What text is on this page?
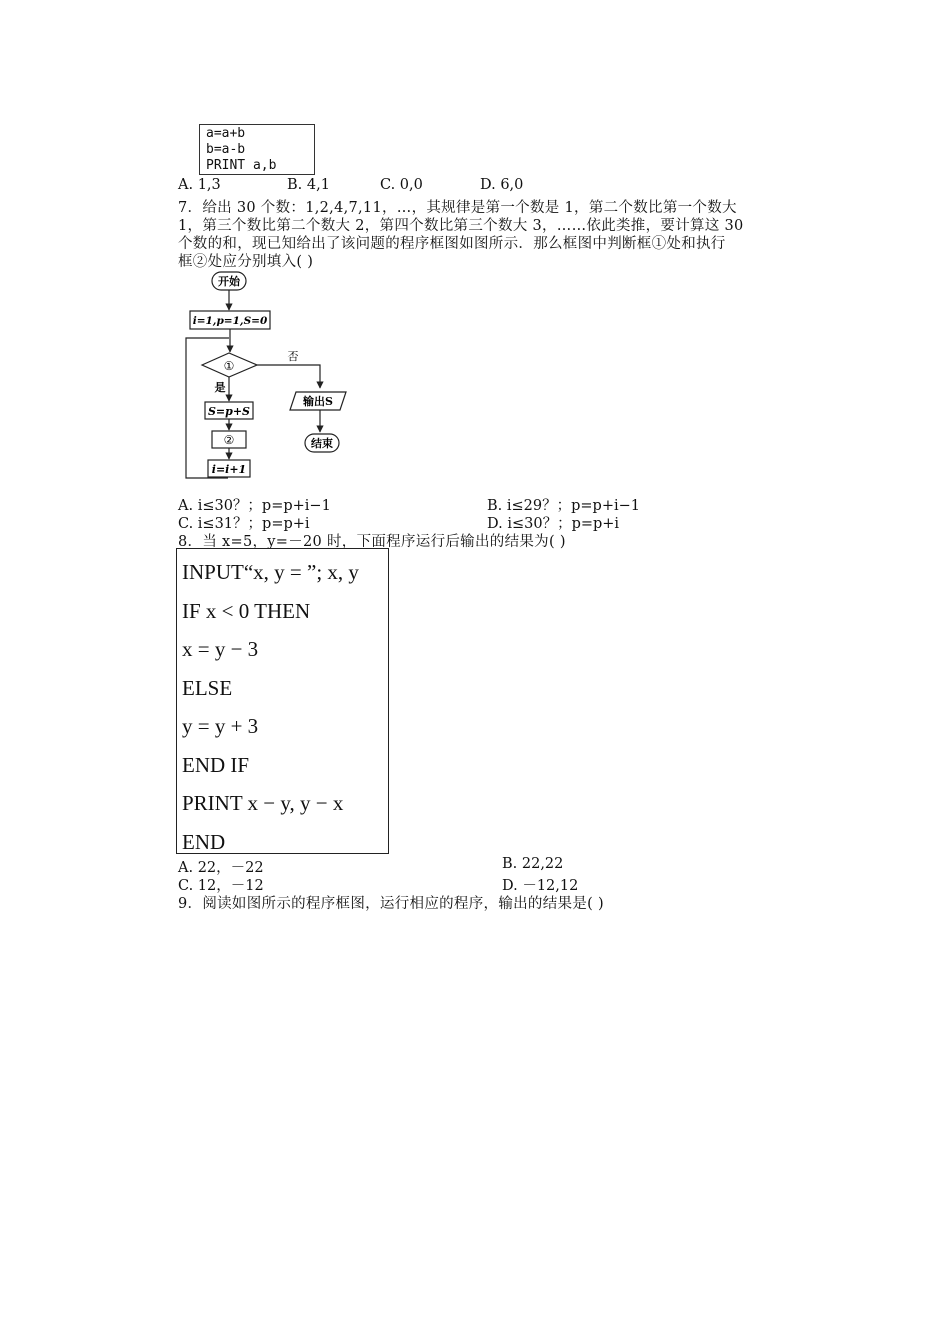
a=a+b
b=a-b
PRINT a,b
A. 1,3	B. 4,1	C. 0,0	D. 6,0
7．给出 30 个数：1,2,4,7,11，…，其规律是第一个数是 1，第二个数比第一个数大
1，第三个数比第二个数大 2，第四个数比第三个数大 3，……依此类推，要计算这 30
个数的和，现已知给出了该问题的程序框图如图所示．那么框图中判断框①处和执行
框②处应分别填入( )
开始
i=1,p=1,S=0
①
否
输出S
结束
是
S=p+S
②
i=i+1
A. i≤30？；p=p+i−1	B. i≤29？；p=p+i−1
C. i≤31？；p=p+i	D. i≤30？；p=p+i
8．当 x=5，y=－20 时，下面程序运行后输出的结果为( )
INPUT“x, y = ”; x, y
IF x < 0 THEN
x = y − 3
ELSE
y = y + 3
END IF
PRINT x − y, y − x
END
A. 22，－22	B. 22,22
C. 12，－12	D. －12,12
9．阅读如图所示的程序框图，运行相应的程序，输出的结果是( )
